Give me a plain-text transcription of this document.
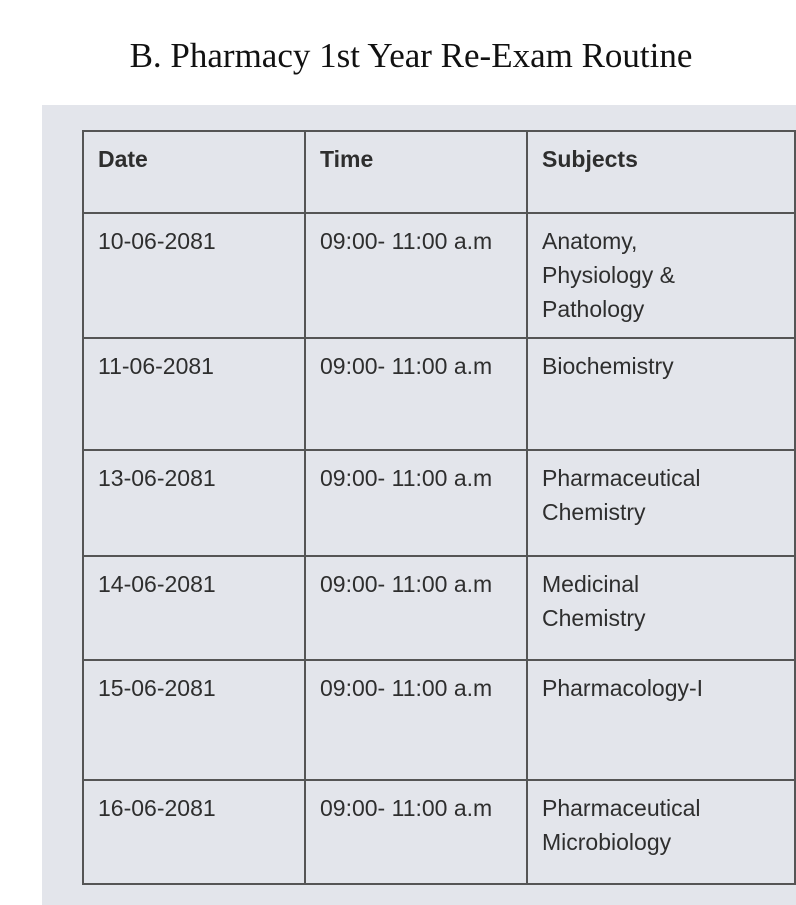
B. Pharmacy 1st Year Re-Exam Routine
Date	Time	Subjects
10-06-2081	09:00- 11:00 a.m	Anatomy, Physiology & Pathology
11-06-2081	09:00- 11:00 a.m	Biochemistry
13-06-2081	09:00- 11:00 a.m	Pharmaceutical Chemistry
14-06-2081	09:00- 11:00 a.m	Medicinal Chemistry
15-06-2081	09:00- 11:00 a.m	Pharmacology-I
16-06-2081	09:00- 11:00 a.m	Pharmaceutical Microbiology
